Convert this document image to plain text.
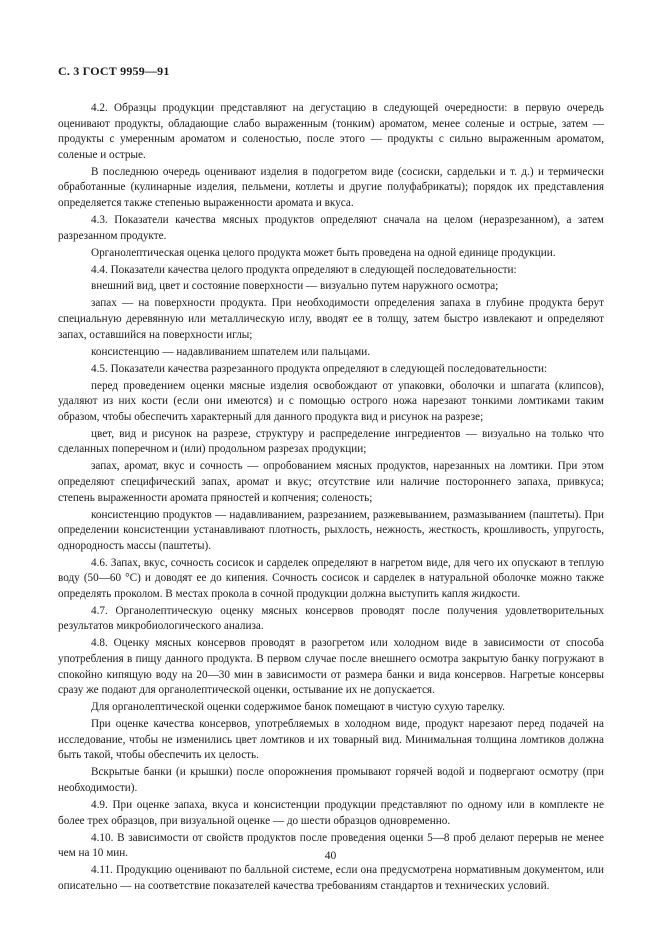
С. 3 ГОСТ 9959—91

4.2. Образцы продукции представляют на дегустацию в следующей очередности: в первую очередь оценивают продукты, обладающие слабо выраженным (тонким) ароматом, менее соленые и острые, затем — продукты с умеренным ароматом и соленостью, после этого — продукты с сильно выраженным ароматом, соленые и острые.

В последнюю очередь оценивают изделия в подогретом виде (сосиски, сардельки и т. д.) и термически обработанные (кулинарные изделия, пельмени, котлеты и другие полуфабрикаты); порядок их представления определяется также степенью выраженности аромата и вкуса.

4.3. Показатели качества мясных продуктов определяют сначала на целом (неразрезанном), а затем разрезанном продукте.

Органолептическая оценка целого продукта может быть проведена на одной единице продукции.

4.4. Показатели качества целого продукта определяют в следующей последовательности:

внешний вид, цвет и состояние поверхности — визуально путем наружного осмотра;

запах — на поверхности продукта. При необходимости определения запаха в глубине продукта берут специальную деревянную или металлическую иглу, вводят ее в толщу, затем быстро извлекают и определяют запах, оставшийся на поверхности иглы;

консистенцию — надавливанием шпателем или пальцами.

4.5. Показатели качества разрезанного продукта определяют в следующей последовательности:

перед проведением оценки мясные изделия освобождают от упаковки, оболочки и шпагата (клипсов), удаляют из них кости (если они имеются) и с помощью острого ножа нарезают тонкими ломтиками таким образом, чтобы обеспечить характерный для данного продукта вид и рисунок на разрезе;

цвет, вид и рисунок на разрезе, структуру и распределение ингредиентов — визуально на только что сделанных поперечном и (или) продольном разрезах продукции;

запах, аромат, вкус и сочность — опробованием мясных продуктов, нарезанных на ломтики. При этом определяют специфический запах, аромат и вкус; отсутствие или наличие постороннего запаха, привкуса; степень выраженности аромата пряностей и копчения; соленость;

консистенцию продуктов — надавливанием, разрезанием, разжевыванием, размазыванием (паштеты). При определении консистенции устанавливают плотность, рыхлость, нежность, жесткость, крошливость, упругость, однородность массы (паштеты).

4.6. Запах, вкус, сочность сосисок и сарделек определяют в нагретом виде, для чего их опускают в теплую воду (50—60 °С) и доводят ее до кипения. Сочность сосисок и сарделек в натуральной оболочке можно также определять проколом. В местах прокола в сочной продукции должна выступить капля жидкости.

4.7. Органолептическую оценку мясных консервов проводят после получения удовлетворительных результатов микробиологического анализа.

4.8. Оценку мясных консервов проводят в разогретом или холодном виде в зависимости от способа употребления в пищу данного продукта. В первом случае после внешнего осмотра закрытую банку погружают в спокойно кипящую воду на 20—30 мин в зависимости от размера банки и вида консервов. Нагретые консервы сразу же подают для органолептической оценки, остывание их не допускается.

Для органолептической оценки содержимое банок помещают в чистую сухую тарелку.

При оценке качества консервов, употребляемых в холодном виде, продукт нарезают перед подачей на исследование, чтобы не изменились цвет ломтиков и их товарный вид. Минимальная толщина ломтиков должна быть такой, чтобы обеспечить их целость.

Вскрытые банки (и крышки) после опорожнения промывают горячей водой и подвергают осмотру (при необходимости).

4.9. При оценке запаха, вкуса и консистенции продукции представляют по одному или в комплекте не более трех образцов, при визуальной оценке — до шести образцов одновременно.

4.10. В зависимости от свойств продуктов после проведения оценки 5—8 проб делают перерыв не менее чем на 10 мин.

4.11. Продукцию оценивают по балльной системе, если она предусмотрена нормативным документом, или описательно — на соответствие показателей качества требованиям стандартов и технических условий.

40
